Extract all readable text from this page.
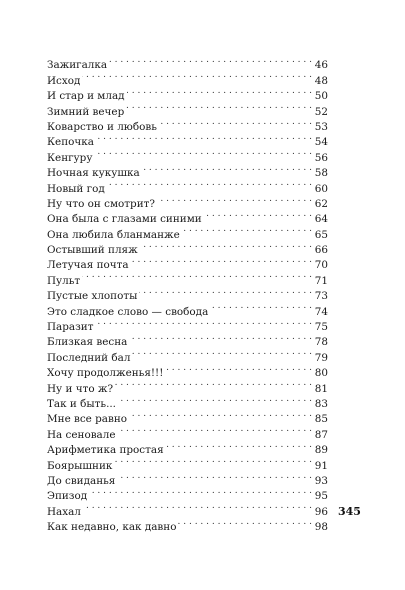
Зажигалка . . .	46
Исход . . .	48
И стар и млад . . .	50
Зимний вечер . . .	52
Коварство и любовь . . .	53
Кепочка . . .	54
Кенгуру . . .	56
Ночная кукушка . . .	58
Новый год . . .	60
Ну что он смотрит? . . .	62
Она была с глазами синими . . .	64
Она любила бланманже . . .	65
Остывший пляж . . .	66
Летучая почта . . .	70
Пульт . . .	71
Пустые хлопоты . . .	73
Это сладкое слово — свобода . . .	74
Паразит . . .	75
Близкая весна . . .	78
Последний бал . . .	79
Хочу продолженья!!! . . .	80
Ну и что ж? . . .	81
Так и быть... . . .	83
Мне все равно . . .	85
На сеновале . . .	87
Арифметика простая . . .	89
Боярышник . . .	91
До свиданья . . .	93
Эпизод . . .	95
Нахал . . .	96
Как недавно, как давно . . .	98
345
